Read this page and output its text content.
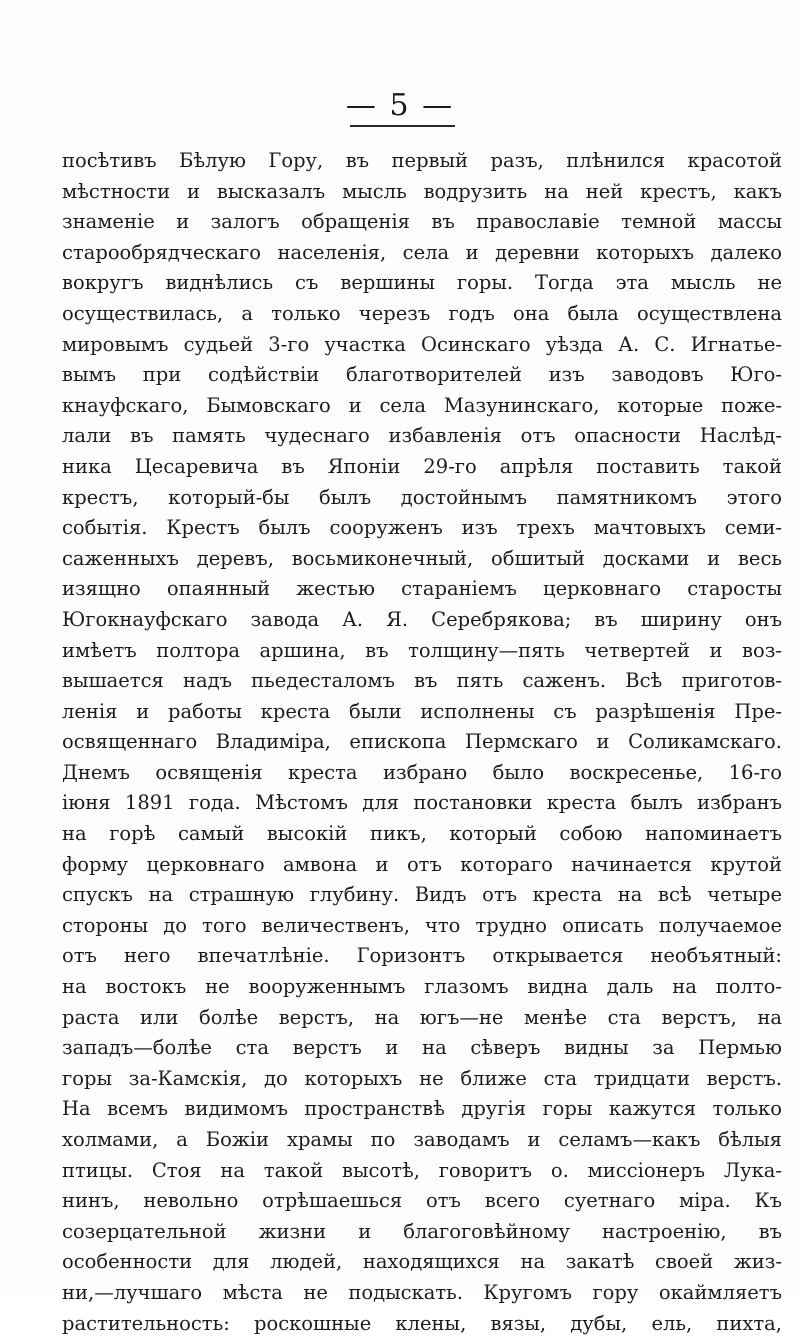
— 5 —
посѣтивъ Бѣлую Гору, въ первый разъ, плѣнился красотой
мѣстности и высказалъ мысль водрузить на ней крестъ, какъ
знаменіе и залогъ обращенія въ православіе темной массы
старообрядческаго населенія, села и деревни которыхъ далеко
вокругъ виднѣлись съ вершины горы. Тогда эта мысль не
осуществилась, а только черезъ годъ она была осуществлена
мировымъ судьей 3-го участка Осинскаго уѣзда А. С. Игнатье-
вымъ при содѣйствіи благотворителей изъ заводовъ Юго-
кнауфскаго, Бымовскаго и села Мазунинскаго, которые поже-
лали въ память чудеснаго избавленія отъ опасности Наслѣд-
ника Цесаревича въ Японіи 29-го апрѣля поставить такой
крестъ, который-бы былъ достойнымъ памятникомъ этого
событія. Крестъ былъ сооруженъ изъ трехъ мачтовыхъ семи-
саженныхъ деревъ, восьмиконечный, обшитый досками и весь
изящно опаянный жестью стараніемъ церковнаго старосты
Югокнауфскаго завода А. Я. Серебрякова; въ ширину онъ
имѣетъ полтора аршина, въ толщину—пять четвертей и воз-
вышается надъ пьедесталомъ въ пять саженъ. Всѣ приготов-
ленія и работы креста были исполнены съ разрѣшенія Пре-
освященнаго Владиміра, епископа Пермскаго и Соликамскаго.
Днемъ освященія креста избрано было воскресенье, 16-го
іюня 1891 года. Мѣстомъ для постановки креста былъ избранъ
на горѣ самый высокій пикъ, который собою напоминаетъ
форму церковнаго амвона и отъ котораго начинается крутой
спускъ на страшную глубину. Видъ отъ креста на всѣ четыре
стороны до того величественъ, что трудно описать получаемое
отъ него впечатлѣніе. Горизонтъ открывается необъятный:
на востокъ не вооруженнымъ глазомъ видна даль на полто-
раста или болѣе верстъ, на югъ—не менѣе ста верстъ, на
западъ—болѣе ста верстъ и на сѣверъ видны за Пермью
горы за-Камскія, до которыхъ не ближе ста тридцати верстъ.
На всемъ видимомъ пространствѣ другія горы кажутся только
холмами, а Божіи храмы по заводамъ и селамъ—какъ бѣлыя
птицы. Стоя на такой высотѣ, говоритъ о. миссіонеръ Лука-
нинъ, невольно отрѣшаешься отъ всего суетнаго міра. Къ
созерцательной жизни и благоговѣйному настроенію, въ
особенности для людей, находящихся на закатѣ своей жиз-
ни,—лучшаго мѣста не подыскать. Кругомъ гору окаймляетъ
растительность: роскошные клены, вязы, дубы, ель, пихта,
